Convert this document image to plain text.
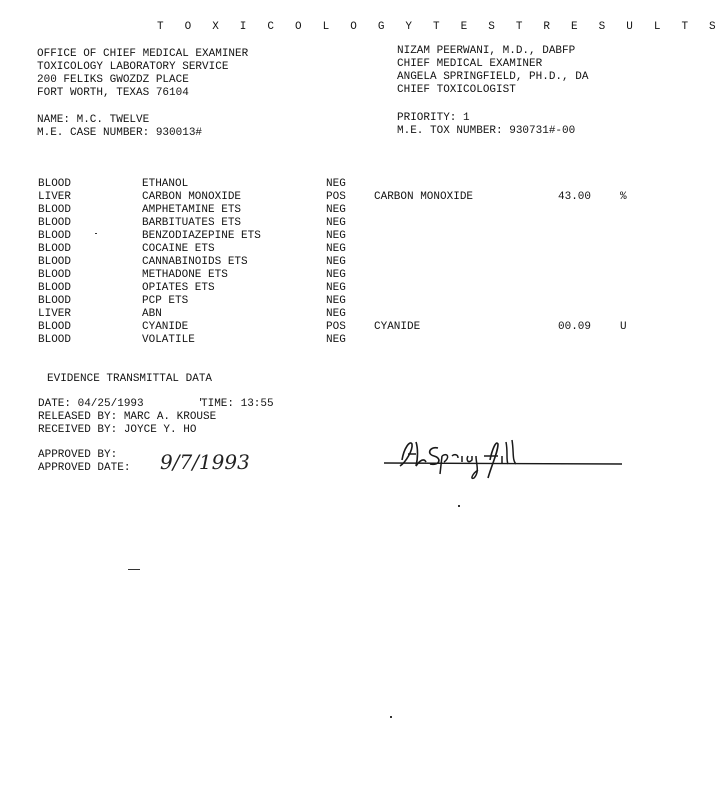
T O X I C O L O G Y T E S T R E S U L T S
OFFICE OF CHIEF MEDICAL EXAMINER
TOXICOLOGY LABORATORY SERVICE
200 FELIKS GWOZDZ PLACE
FORT WORTH, TEXAS 76104
NIZAM PEERWANI, M.D., DABFP
CHIEF MEDICAL EXAMINER
ANGELA SPRINGFIELD, PH.D., DA
CHIEF TOXICOLOGIST
NAME: M.C. TWELVE
M.E. CASE NUMBER: 930013#
PRIORITY: 1
M.E. TOX NUMBER: 930731#-00
BLOOD	ETHANOL	NEG
LIVER	CARBON MONOXIDE	POS	CARBON MONOXIDE	43.00	%
BLOOD	AMPHETAMINE ETS	NEG
BLOOD	BARBITUATES ETS	NEG
BLOOD	BENZODIAZEPINE ETS	NEG
BLOOD	COCAINE ETS	NEG
BLOOD	CANNABINOIDS ETS	NEG
BLOOD	METHADONE ETS	NEG
BLOOD	OPIATES ETS	NEG
BLOOD	PCP ETS	NEG
LIVER	ABN	NEG
BLOOD	CYANIDE	POS	CYANIDE	00.09	U
BLOOD	VOLATILE	NEG
EVIDENCE TRANSMITTAL DATA
DATE: 04/25/1993	TIME: 13:55
RELEASED BY: MARC A. KROUSE
RECEIVED BY: JOYCE Y. HO
APPROVED BY:
APPROVED DATE: 9/7/1993
